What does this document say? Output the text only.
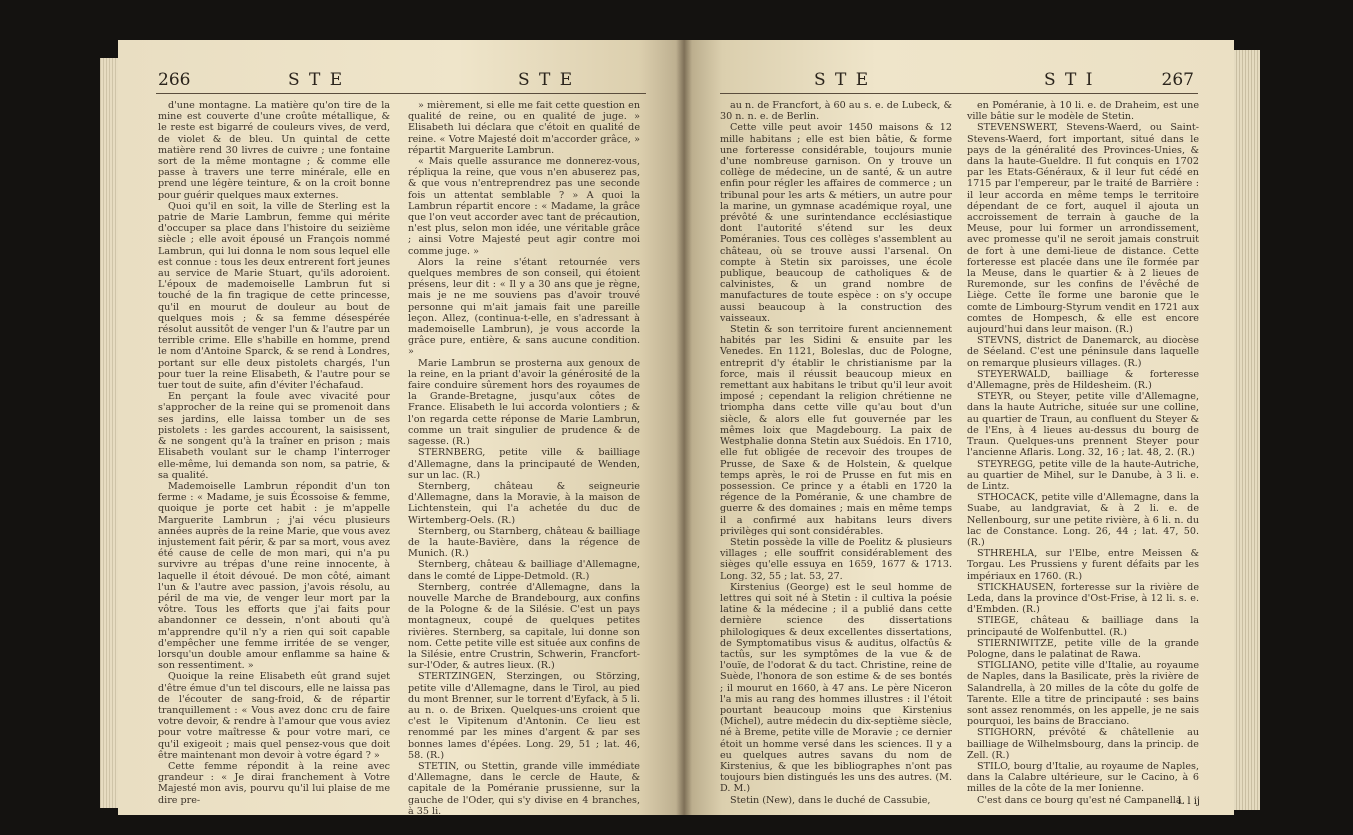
266	S T E	S T E

d'une montagne. La matière qu'on tire de la mine est couverte d'une croûte métallique, & le reste est bigarré de couleurs vives, de verd, de violet & de bleu. Un quintal de cette matière rend 30 livres de cuivre ; une fontaine sort de la même montagne ; & comme elle passe à travers une terre minérale, elle en prend une légère teinture, & on la croit bonne pour guérir quelques maux externes.

Quoi qu'il en soit, la ville de Sterling est la patrie de Marie Lambrun, femme qui mérite d'occuper sa place dans l'histoire du seizième siècle ; elle avoit épousé un François nommé Lambrun, qui lui donna le nom sous lequel elle est connue : tous les deux entrerent fort jeunes au service de Marie Stuart, qu'ils adoroient. L'époux de mademoiselle Lambrun fut si touché de la fin tragique de cette princesse, qu'il en mourut de douleur au bout de quelques mois ; & sa femme désespérée résolut aussitôt de venger l'un & l'autre par un terrible crime. Elle s'habille en homme, prend le nom d'Antoine Sparck, & se rend à Londres, portant sur elle deux pistolets chargés, l'un pour tuer la reine Elisabeth, & l'autre pour se tuer tout de suite, afin d'éviter l'échafaud.

En perçant la foule avec vivacité pour s'approcher de la reine qui se promenoit dans ses jardins, elle laissa tomber un de ses pistolets : les gardes accourent, la saisissent, & ne songent qu'à la traîner en prison ; mais Elisabeth voulant sur le champ l'interroger elle-même, lui demanda son nom, sa patrie, & sa qualité.

Mademoiselle Lambrun répondit d'un ton ferme : « Madame, je suis Écossoise & femme, quoique je porte cet habit : je m'appelle Marguerite Lambrun ; j'ai vécu plusieurs années auprès de la reine Marie, que vous avez injustement fait périr, & par sa mort, vous avez été cause de celle de mon mari, qui n'a pu survivre au trépas d'une reine innocente, à laquelle il étoit dévoué. De mon côté, aimant l'un & l'autre avec passion, j'avois résolu, au péril de ma vie, de venger leur mort par la vôtre. Tous les efforts que j'ai faits pour abandonner ce dessein, n'ont abouti qu'à m'apprendre qu'il n'y a rien qui soit capable d'empêcher une femme irritée de se venger, lorsqu'un double amour enflamme sa haine & son ressentiment. »

Quoique la reine Elisabeth eût grand sujet d'être émue d'un tel discours, elle ne laissa pas de l'écouter de sang-froid, & de répartir tranquillement : « Vous avez donc cru de faire votre devoir, & rendre à l'amour que vous aviez pour votre maîtresse & pour votre mari, ce qu'il exigeoit ; mais quel pensez-vous que doit être maintenant mon devoir à votre égard ? »

Cette femme répondit à la reine avec grandeur : « Je dirai franchement à Votre Majesté mon avis, pourvu qu'il lui plaise de me dire pre-

» mièrement, si elle me fait cette question en qualité de reine, ou en qualité de juge. » Elisabeth lui déclara que c'étoit en qualité de reine. « Votre Majesté doit m'accorder grâce, » répartit Marguerite Lambrun.

« Mais quelle assurance me donnerez-vous, répliqua la reine, que vous n'en abuserez pas, & que vous n'entreprendrez pas une seconde fois un attentat semblable ? » A quoi la Lambrun répartit encore : « Madame, la grâce que l'on veut accorder avec tant de précaution, n'est plus, selon mon idée, une véritable grâce ; ainsi Votre Majesté peut agir contre moi comme juge. »

Alors la reine s'étant retournée vers quelques membres de son conseil, qui étoient présens, leur dit : « Il y a 30 ans que je règne, mais je ne me souviens pas d'avoir trouvé personne qui m'ait jamais fait une pareille leçon. Allez, (continua-t-elle, en s'adressant à mademoiselle Lambrun), je vous accorde la grâce pure, entière, & sans aucune condition. »

Marie Lambrun se prosterna aux genoux de la reine, en la priant d'avoir la générosité de la faire conduire sûrement hors des royaumes de la Grande-Bretagne, jusqu'aux côtes de France. Elisabeth le lui accorda volontiers ; & l'on regarda cette réponse de Marie Lambrun, comme un trait singulier de prudence & de sagesse. (R.)

STERNBERG, petite ville & bailliage d'Allemagne, dans la principauté de Wenden, sur un lac. (R.)

Sternberg, château & seigneurie d'Allemagne, dans la Moravie, à la maison de Lichtenstein, qui l'a achetée du duc de Wirtemberg-Oels. (R.)

Sternberg, ou Starnberg, château & bailliage de la haute-Bavière, dans la régence de Munich. (R.)

Sternberg, château & bailliage d'Allemagne, dans le comté de Lippe-Detmold. (R.)

Sternberg, contrée d'Allemagne, dans la nouvelle Marche de Brandebourg, aux confins de la Pologne & de la Silésie. C'est un pays montagneux, coupé de quelques petites rivières. Sternberg, sa capitale, lui donne son nom. Cette petite ville est située aux confins de la Silésie, entre Crustrin, Schwerin, Francfort-sur-l'Oder, & autres lieux. (R.)

STERTZINGEN, Sterzingen, ou Störzing, petite ville d'Allemagne, dans le Tirol, au pied du mont Brenner, sur le torrent d'Eyfack, à 5 li. au n. o. de Brixen. Quelques-uns croient que c'est le Vipitenum d'Antonin. Ce lieu est renommé par les mines d'argent & par ses bonnes lames d'épées. Long. 29, 51 ; lat. 46, 58. (R.)

STETIN, ou Stettin, grande ville immédiate d'Allemagne, dans le cercle de Haute, & capitale de la Poméranie prussienne, sur la gauche de l'Oder, qui s'y divise en 4 branches, à 35 li.

S T E	S T I	267

au n. de Francfort, à 60 au s. e. de Lubeck, & 30 n. n. e. de Berlin.

Cette ville peut avoir 1450 maisons & 12 mille habitans ; elle est bien bâtie, & forme une forteresse considérable, toujours munie d'une nombreuse garnison. On y trouve un collège de médecine, un de santé, & un autre enfin pour régler les affaires de commerce ; un tribunal pour les arts & métiers, un autre pour la marine, un gymnase académique royal, une prévôté & une surintendance ecclésiastique dont l'autorité s'étend sur les deux Poméranies. Tous ces collèges s'assemblent au château, où se trouve aussi l'arsenal. On compte à Stetin six paroisses, une école publique, beaucoup de catholiques & de calvinistes, & un grand nombre de manufactures de toute espèce : on s'y occupe aussi beaucoup à la construction des vaisseaux.

Stetin & son territoire furent anciennement habités par les Sidini & ensuite par les Venedes. En 1121, Boleslas, duc de Pologne, entreprit d'y établir le christianisme par la force, mais il réussit beaucoup mieux en remettant aux habitans le tribut qu'il leur avoit imposé ; cependant la religion chrétienne ne triompha dans cette ville qu'au bout d'un siècle, & alors elle fut gouvernée par les mêmes loix que Magdebourg. La paix de Westphalie donna Stetin aux Suédois. En 1710, elle fut obligée de recevoir des troupes de Prusse, de Saxe & de Holstein, & quelque temps après, le roi de Prusse en fut mis en possession. Ce prince y a établi en 1720 la régence de la Poméranie, & une chambre de guerre & des domaines ; mais en même temps il a confirmé aux habitans leurs divers privilèges qui sont considérables.

Stetin possède la ville de Poelitz & plusieurs villages ; elle souffrit considérablement des sièges qu'elle essuya en 1659, 1677 & 1713. Long. 32, 55 ; lat. 53, 27.

Kirstenius (George) est le seul homme de lettres qui soit né à Stetin : il cultiva la poésie latine & la médecine ; il a publié dans cette dernière science des dissertations philologiques & deux excellentes dissertations, de Symptomatibus visus & auditus, olfactûs & tactûs, sur les symptômes de la vue & de l'ouïe, de l'odorat & du tact. Christine, reine de Suède, l'honora de son estime & de ses bontés ; il mourut en 1660, à 47 ans. Le père Niceron l'a mis au rang des hommes illustres : il l'étoit pourtant beaucoup moins que Kirstenius (Michel), autre médecin du dix-septième siècle, né à Breme, petite ville de Moravie ; ce dernier étoit un homme versé dans les sciences. Il y a eu quelques autres savans du nom de Kirstenius, & que les bibliographes n'ont pas toujours bien distingués les uns des autres. (M. D. M.)

Stetin (New), dans le duché de Cassubie,

en Poméranie, à 10 li. e. de Draheim, est une ville bâtie sur le modèle de Stetin.

STEVENSWERT, Stevens-Waerd, ou Saint-Stevens-Waerd, fort important, situé dans le pays de la généralité des Provinces-Unies, & dans la haute-Gueldre. Il fut conquis en 1702 par les Etats-Généraux, & il leur fut cédé en 1715 par l'empereur, par le traité de Barrière : il leur accorda en même temps le territoire dépendant de ce fort, auquel il ajouta un accroissement de terrain à gauche de la Meuse, pour lui former un arrondissement, avec promesse qu'il ne seroit jamais construit de fort à une demi-lieue de distance. Cette forteresse est placée dans une île formée par la Meuse, dans le quartier & à 2 lieues de Ruremonde, sur les confins de l'évêché de Liège. Cette île forme une baronie que le comte de Limbourg-Styrum vendit en 1721 aux comtes de Hompesch, & elle est encore aujourd'hui dans leur maison. (R.)

STEVNS, district de Danemarck, au diocèse de Séeland. C'est une péninsule dans laquelle on remarque plusieurs villages. (R.)

STEYERWALD, bailliage & forteresse d'Allemagne, près de Hildesheim. (R.)

STEYR, ou Steyer, petite ville d'Allemagne, dans la haute Autriche, située sur une colline, au quartier de Traun, au confluent du Steyer & de l'Ens, à 4 lieues au-dessus du bourg de Traun. Quelques-uns prennent Steyer pour l'ancienne Aflaris. Long. 32, 16 ; lat. 48, 2. (R.)

STEYREGG, petite ville de la haute-Autriche, au quartier de Mihel, sur le Danube, à 3 li. e. de Lintz.

STHOCACK, petite ville d'Allemagne, dans la Suabe, au landgraviat, & à 2 li. e. de Nellenbourg, sur une petite rivière, à 6 li. n. du lac de Constance. Long. 26, 44 ; lat. 47, 50. (R.)

STHREHLA, sur l'Elbe, entre Meissen & Torgau. Les Prussiens y furent défaits par les impériaux en 1760. (R.)

STICKHAUSEN, forteresse sur la rivière de Leda, dans la province d'Ost-Frise, à 12 li. s. e. d'Embden. (R.)

STIEGE, château & bailliage dans la principauté de Wolfenbuttel. (R.)

STIERNIWITZE, petite ville de la grande Pologne, dans le palatinat de Rawa.

STIGLIANO, petite ville d'Italie, au royaume de Naples, dans la Basilicate, près la rivière de Salandrella, à 20 milles de la côte du golfe de Tarente. Elle a titre de principauté : ses bains sont assez renommés, on les appelle, je ne sais pourquoi, les bains de Bracciano.

STIGHORN, prévôté & châtellenie au bailliage de Wilhelmsbourg, dans la princip. de Zell. (R.)

STILO, bourg d'Italie, au royaume de Naples, dans la Calabre ultérieure, sur le Cacino, à 6 milles de la côte de la mer Ionienne.

C'est dans ce bourg qu'est né Campanella

L l ij
